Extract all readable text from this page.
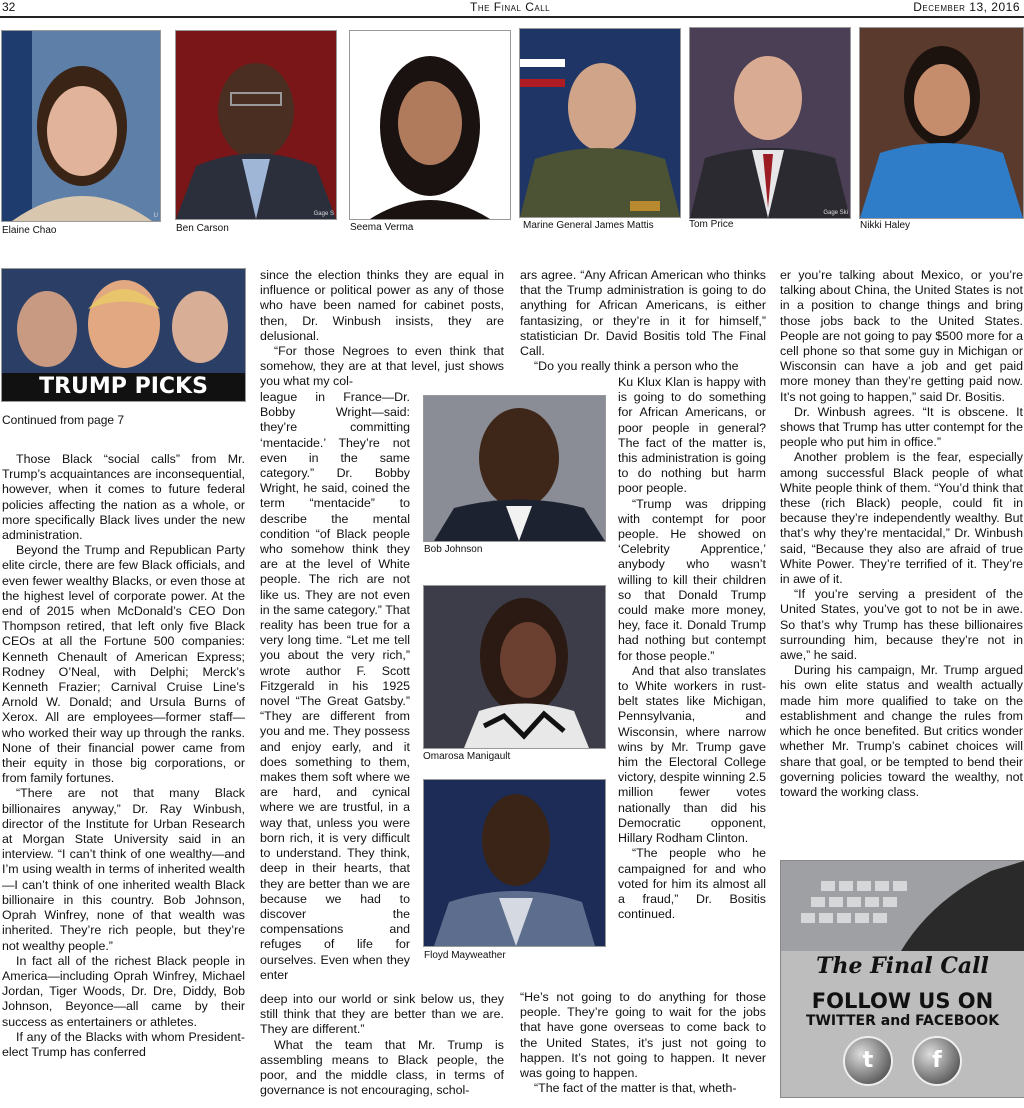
32	The Final Call	December 13, 2016
U
Elaine Chao
Gage S
Ben Carson	Seema Verma	Marine General James Mattis
Gage Ski
Tom Price	Nikki Haley
TRUMP PICKS
Continued from page 7

Those Black “social calls” from Mr. Trump’s acquaintances are inconsequential, however, when it comes to future federal policies affecting the nation as a whole, or more specifically Black lives under the new administration.

Beyond the Trump and Republican Party elite circle, there are few Black officials, and even fewer wealthy Blacks, or even those at the highest level of corporate power. At the end of 2015 when McDonald’s CEO Don Thompson retired, that left only five Black CEOs at all the Fortune 500 companies: Kenneth Chenault of American Express; Rodney O’Neal, with Delphi; Merck’s Kenneth Frazier; Carnival Cruise Line’s Arnold W. Donald; and Ursula Burns of Xerox. All are employees—former staff—who worked their way up through the ranks. None of their financial power came from their equity in those big corporations, or from family fortunes.

“There are not that many Black billionaires anyway,” Dr. Ray Winbush, director of the Institute for Urban Research at Morgan State University said in an interview. “I can’t think of one wealthy—and I’m using wealth in terms of inherited wealth—I can’t think of one inherited wealth Black billionaire in this country. Bob Johnson, Oprah Winfrey, none of that wealth was inherited. They’re rich people, but they’re not wealthy people.”

In fact all of the richest Black people in America—including Oprah Winfrey, Michael Jordan, Tiger Woods, Dr. Dre, Diddy, Bob Johnson, Beyonce—all came by their success as entertainers or athletes.

If any of the Blacks with whom President-elect Trump has conferred

since the election thinks they are equal in influence or political power as any of those who have been named for cabinet posts, then, Dr. Winbush insists, they are delusional.

“For those Negroes to even think that somehow, they are at that level, just shows you what my col-

league in France—Dr. Bobby Wright—said: they’re committing ‘mentacide.’ They’re not even in the same category.” Dr. Bobby Wright, he said, coined the term “mentacide” to describe the mental condition “of Black people who somehow think they are at the level of White people. The rich are not like us. They are not even in the same category.” That reality has been true for a very long time. “Let me tell you about the very rich,” wrote author F. Scott Fitzgerald in his 1925 novel “The Great Gatsby.” “They are different from you and me. They possess and enjoy early, and it does something to them, makes them soft where we are hard, and cynical where we are trustful, in a way that, unless you were born rich, it is very difficult to understand. They think, deep in their hearts, that they are better than we are because we had to discover the compensations and refuges of life for ourselves. Even when they enter

deep into our world or sink below us, they still think that they are better than we are. They are different.”

What the team that Mr. Trump is assembling means to Black people, the poor, and the middle class, in terms of governance is not encouraging, schol-

Bob Johnson
Omarosa Manigault
Floyd Mayweather

ars agree. “Any African American who thinks that the Trump administration is going to do anything for African Americans, is either fantasizing, or they’re in it for himself,” statistician Dr. David Bositis told The Final Call.

“Do you really think a person who the

Ku Klux Klan is happy with is going to do something for African Americans, or poor people in general? The fact of the matter is, this administration is going to do nothing but harm poor people.

“Trump was dripping with contempt for poor people. He showed on ‘Celebrity Apprentice,’ anybody who wasn’t willing to kill their children so that Donald Trump could make more money, hey, face it. Donald Trump had nothing but contempt for those people.”

And that also translates to White workers in rust-belt states like Michigan, Pennsylvania, and Wisconsin, where narrow wins by Mr. Trump gave him the Electoral College victory, despite winning 2.5 million fewer votes nationally than did his Democratic opponent, Hillary Rodham Clinton.

“The people who he campaigned for and who voted for him its almost all a fraud,” Dr. Bositis continued.

“He’s not going to do anything for those people. They’re going to wait for the jobs that have gone overseas to come back to the United States, it’s just not going to happen. It’s not going to happen. It never was going to happen.

“The fact of the matter is that, wheth-

er you’re talking about Mexico, or you’re talking about China, the United States is not in a position to change things and bring those jobs back to the United States. People are not going to pay $500 more for a cell phone so that some guy in Michigan or Wisconsin can have a job and get paid more money than they’re getting paid now. It’s not going to happen,” said Dr. Bositis.

Dr. Winbush agrees. “It is obscene. It shows that Trump has utter contempt for the people who put him in office.”

Another problem is the fear, especially among successful Black people of what White people think of them. “You’d think that these (rich Black) people, could fit in because they’re independently wealthy. But that’s why they’re mentacidal,” Dr. Winbush said, “Because they also are afraid of true White Power. They’re terrified of it. They’re in awe of it.

“If you’re serving a president of the United States, you’ve got to not be in awe. So that’s why Trump has these billionaires surrounding him, because they’re not in awe,” he said.

During his campaign, Mr. Trump argued his own elite status and wealth actually made him more qualified to take on the establishment and change the rules from which he once benefited. But critics wonder whether Mr. Trump’s cabinet choices will share that goal, or be tempted to bend their governing policies toward the wealthy, not toward the working class.

The Final Call
FOLLOW US ON
TWITTER and FACEBOOK
t	f
